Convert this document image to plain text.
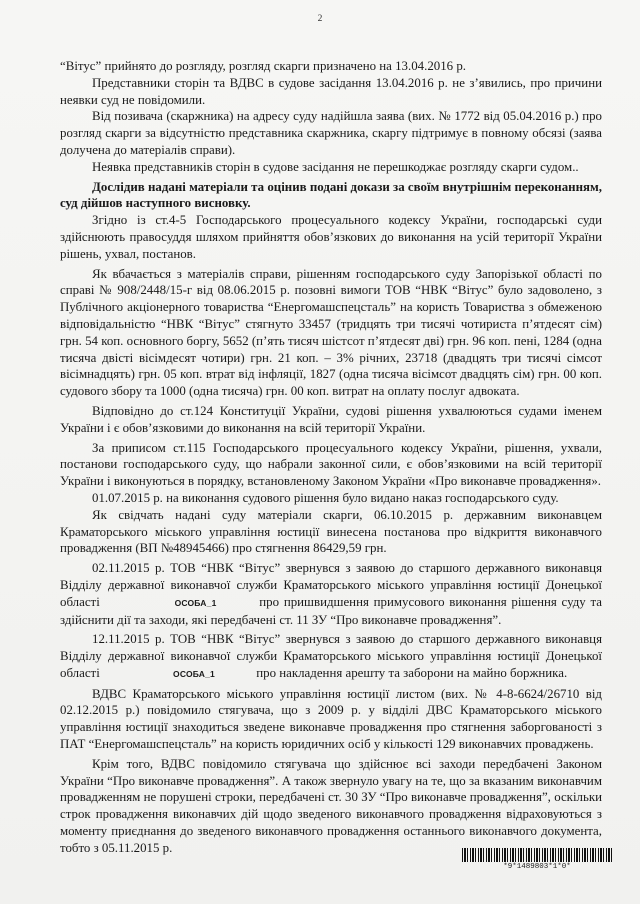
2

“Вітус” прийнято до розгляду, розгляд скарги призначено на 13.04.2016 р.

Представники сторін та ВДВС в судове засідання 13.04.2016 р. не з’явились, про причини неявки суд не повідомили.

Від позивача (скаржника) на адресу суду надійшла заява (вих. № 1772 від 05.04.2016 р.) про розгляд скарги за відсутністю представника скаржника, скаргу підтримує в повному обсязі (заява долучена до матеріалів справи).

Неявка представників сторін в судове засідання не перешкоджає розгляду скарги судом..

Дослідив надані матеріали та оцінив подані докази за своїм внутрішнім переконанням, суд дійшов наступного висновку.

Згідно із ст.4-5 Господарського процесуального кодексу України, господарські суди здійснюють правосуддя шляхом прийняття обов’язкових до виконання на усій території України рішень, ухвал, постанов.

Як вбачається з матеріалів справи, рішенням господарського суду Запорізької області по справі № 908/2448/15-г від 08.06.2015 р. позовні вимоги ТОВ “НВК “Вітус” було задоволено, з Публічного акціонерного товариства “Енергомашспецсталь” на користь Товариства з обмеженою відповідальністю “НВК “Вітус” стягнуто 33457 (тридцять три тисячі чотириста п’ятдесят сім) грн. 54 коп. основного боргу, 5652 (п’ять тисяч шістсот п’ятдесят дві) грн. 96 коп. пені, 1284 (одна тисяча двісті вісімдесят чотири) грн. 21 коп. – 3% річних, 23718 (двадцять три тисячі сімсот вісімнадцять) грн. 05 коп. втрат від інфляції, 1827 (одна тисяча вісімсот двадцять сім) грн. 00 коп. судового збору та 1000 (одна тисяча) грн. 00 коп. витрат на оплату послуг адвоката.

Відповідно до ст.124 Конституції України, судові рішення ухвалюються судами іменем України і є обов’язковими до виконання на всій території України.

За приписом ст.115 Господарського процесуального кодексу України, рішення, ухвали, постанови господарського суду, що набрали законної сили, є обов’язковими на всій території України і виконуються в порядку, встановленому Законом України «Про виконавче провадження».

01.07.2015 р. на виконання судового рішення було видано наказ господарського суду.

Як свідчать надані суду матеріали скарги, 06.10.2015 р. державним виконавцем Краматорського міського управління юстиції винесена постанова про відкриття виконавчого провадження (ВП №48945466) про стягнення 86429,59 грн.

02.11.2015 р. ТОВ “НВК “Вітус” звернувся з заявою до старшого державного виконавця Відділу державної виконавчої служби Краматорського міського управління юстиції Донецької області	ОСОБА_1	про пришвидшення примусового виконання рішення суду та здійснити дії та заходи, які передбачені ст. 11 ЗУ “Про виконавче провадження”.

12.11.2015 р. ТОВ “НВК “Вітус” звернувся з заявою до старшого державного виконавця Відділу державної виконавчої служби Краматорського міського управління юстиції Донецької області	ОСОБА_1	про накладення арешту та заборони на майно боржника.

ВДВС Краматорського міського управління юстиції листом (вих. № 4-8-6624/26710 від 02.12.2015 р.) повідомило стягувача, що з 2009 р. у відділі ДВС Краматорського міського управління юстиції знаходиться зведене виконавче провадження про стягнення заборгованості з ПАТ “Енергомашспецсталь” на користь юридичних осіб у кількості 129 виконавчих проваджень.

Крім того, ВДВС повідомило стягувача що здійснює всі заходи передбачені Законом України “Про виконавче провадження”. А також звернуло увагу на те, що за вказаним виконавчим провадженням не порушені строки, передбачені ст. 30 ЗУ “Про виконавче провадження”, оскільки строк провадження виконавчих дій щодо зведеного виконавчого провадження відраховуються з моменту приєднання до зведеного виконавчого провадження останнього виконавчого документа, тобто з 05.11.2015 р.

*9*1489803*1*0*
